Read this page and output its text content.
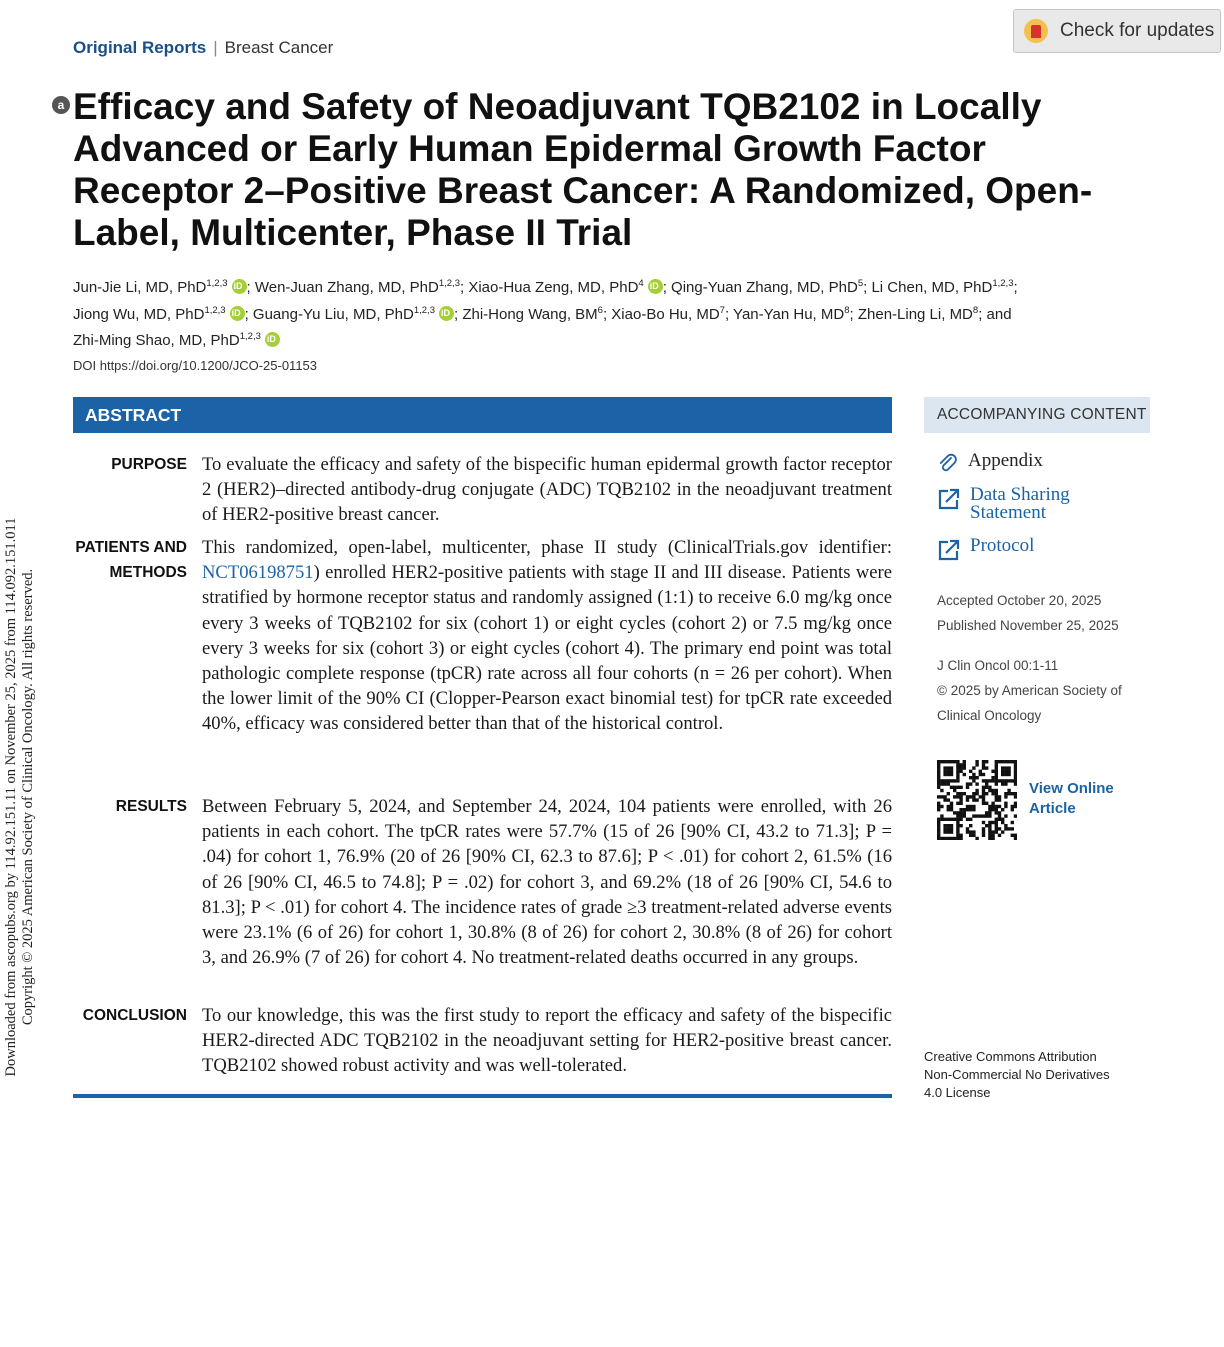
Downloaded from ascopubs.org by 114.92.151.11 on November 25, 2025 from 114.092.151.011 Copyright © 2025 American Society of Clinical Oncology. All rights reserved.
Original Reports | Breast Cancer
Check for updates
a Efficacy and Safety of Neoadjuvant TQB2102 in Locally Advanced or Early Human Epidermal Growth Factor Receptor 2–Positive Breast Cancer: A Randomized, Open-Label, Multicenter, Phase II Trial
Jun-Jie Li, MD, PhD$^{1,2,3}$ iD ; Wen-Juan Zhang, MD, PhD$^{1,2,3}$; Xiao-Hua Zeng, MD, PhD$^4$ iD ; Qing-Yuan Zhang, MD, PhD$^5$; Li Chen, MD, PhD$^{1,2,3}$;
Jiong Wu, MD, PhD$^{1,2,3}$ iD ; Guang-Yu Liu, MD, PhD$^{1,2,3}$ iD ; Zhi-Hong Wang, $BM^6$; Xiao-Bo Hu, $MD^7$; Yan-Yan Hu, $MD^8$; Zhen-Ling Li, $MD^8$; and
Zhi-Ming Shao, MD, PhD$^{1,2,3}$iD
DOI https://doi.org/10.1200/JCO-25-01153
ABSTRACT
PURPOSE To evaluate the efficacy and safety of the bispecific human epidermal growth factor receptor 2 (HER2)–directed antibody-drug conjugate (ADC) TQB2102 in the neoadjuvant treatment of HER2-positive breast cancer.

PATIENTS AND
METHODS

This randomized, open-label, multicenter, phase II study (ClinicalTrials.gov identifier: NCT06198751) enrolled HER2-positive patients with stage II and III disease. Patients were stratified by hormone receptor status and randomly assigned (1:1) to receive 6.0 mg/kg once every 3 weeks of TQB2102 for six (cohort 1) or eight cycles (cohort 2) or 7.5 mg/kg once every 3 weeks for six (cohort 3) or eight cycles (cohort 4). The primary end point was total pathologic complete response (tpCR) rate across all four cohorts (n = 26 per cohort). When the lower limit of the 90% CI (Clopper-Pearson exact binomial test) for tpCR rate exceeded 40%, efficacy was considered better than that of the historical control.

RESULTS Between February 5, 2024, and September 24, 2024, 104 patients were enrolled, with 26 patients in each cohort. The tpCR rates were 57.7% (15 of 26 [90% CI, 43.2 to 71.3]; P = .04) for cohort 1, 76.9% (20 of 26 [90% CI, 62.3 to 87.6]; P < .01) for cohort 2, 61.5% (16 of 26 [90% CI, 46.5 to 74.8]; P = .02) for cohort 3, and 69.2% (18 of 26 [90% CI, 54.6 to 81.3]; P < .01) for cohort 4. The incidence rates of grade ≥3 treatment-related adverse events were 23.1% (6 of 26) for cohort 1, 30.8% (8 of 26) for cohort 2, 30.8% (8 of 26) for cohort 3, and 26.9% (7 of 26) for cohort 4. No treatment-related deaths occurred in any groups.

CONCLUSION To our knowledge, this was the first study to report the efficacy and safety of the bispecific HER2-directed ADC TQB2102 in the neoadjuvant setting for HER2-positive breast cancer. TQB2102 showed robust activity and was well-tolerated.

ACCOMPANYING CONTENT
Appendix
Data Sharing
Statement
Protocol
Accepted October 20, 2025
Published November 25, 2025
J Clin Oncol 00:1-11
© 2025 by American Society of
Clinical Oncology
View Online
Article
Creative Commons Attribution
Non-Commercial No Derivatives
4.0 License
